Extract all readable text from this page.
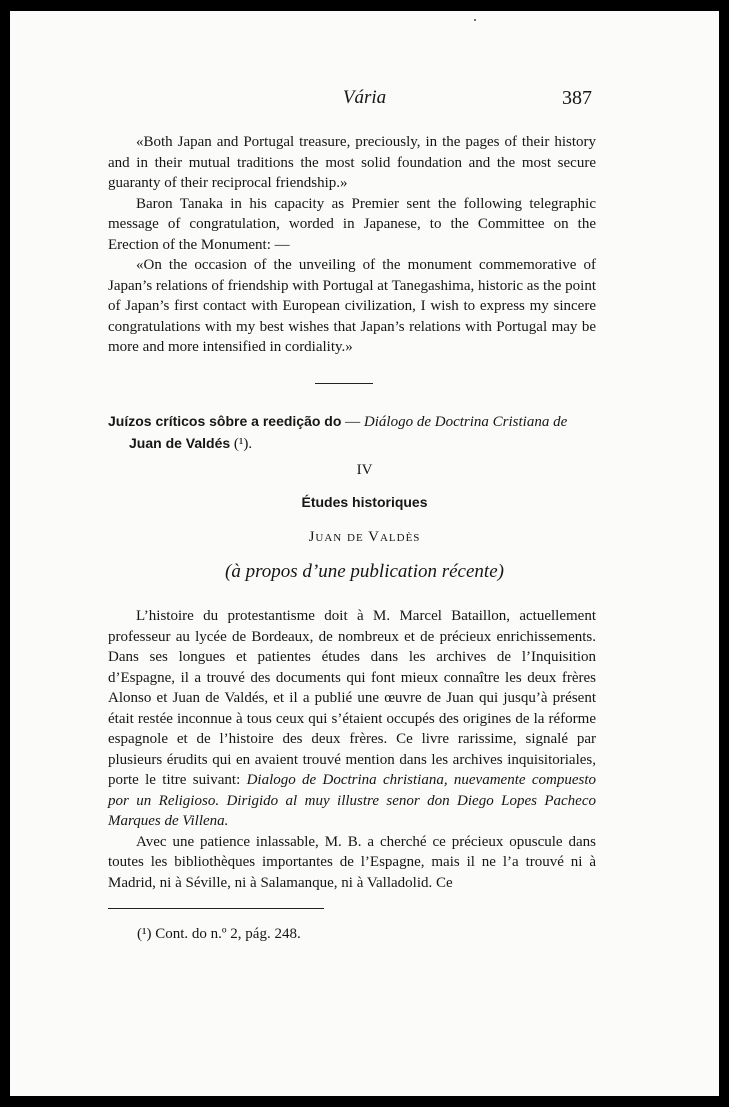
Vária	387

«Both Japan and Portugal treasure, preciously, in the pages of their history and in their mutual traditions the most solid foundation and the most secure guaranty of their reciprocal friendship.»

Baron Tanaka in his capacity as Premier sent the following telegraphic message of congratulation, worded in Japanese, to the Committee on the Erection of the Monument: —

«On the occasion of the unveiling of the monument commemorative of Japan’s relations of friendship with Portugal at Tanegashima, historic as the point of Japan’s first contact with European civilization, I wish to express my sincere congratulations with my best wishes that Japan’s relations with Portugal may be more and more intensified in cordiality.»

Juízos críticos sôbre a reedição do — Diálogo de Doctrina Cristiana de
Juan de Valdés (¹).
IV
Études historiques
Juan de Valdès
(à propos d’une publication récente)

L’histoire du protestantisme doit à M. Marcel Bataillon, actuellement professeur au lycée de Bordeaux, de nombreux et de précieux enrichissements. Dans ses longues et patientes études dans les archives de l’Inquisition d’Espagne, il a trouvé des documents qui font mieux connaître les deux frères Alonso et Juan de Valdés, et il a publié une œuvre de Juan qui jusqu’à présent était restée inconnue à tous ceux qui s’étaient occupés des origines de la réforme espagnole et de l’histoire des deux frères. Ce livre rarissime, signalé par plusieurs érudits qui en avaient trouvé mention dans les archives inquisitoriales, porte le titre suivant: Dialogo de Doctrina christiana, nuevamente compuesto por un Religioso. Dirigido al muy illustre senor don Diego Lopes Pacheco Marques de Villena.

Avec une patience inlassable, M. B. a cherché ce précieux opuscule dans toutes les bibliothèques importantes de l’Espagne, mais il ne l’a trouvé ni à Madrid, ni à Séville, ni à Salamanque, ni à Valladolid. Ce

(¹) Cont. do n.º 2, pág. 248.
